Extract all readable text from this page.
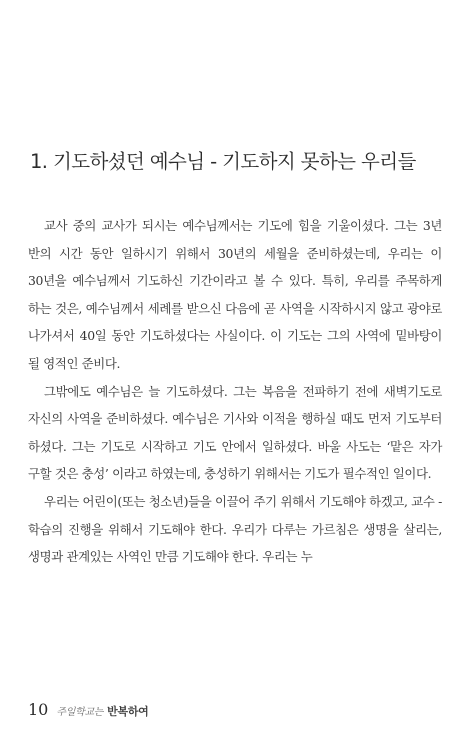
1. 기도하셨던 예수님 - 기도하지 못하는 우리들

교사 중의 교사가 되시는 예수님께서는 기도에 힘을 기울이셨다. 그는 3년 반의 시간 동안 일하시기 위해서 30년의 세월을 준비하셨는데, 우리는 이 30년을 예수님께서 기도하신 기간이라고 볼 수 있다. 특히, 우리를 주목하게 하는 것은, 예수님께서 세례를 받으신 다음에 곧 사역을 시작하시지 않고 광야로 나가셔서 40일 동안 기도하셨다는 사실이다. 이 기도는 그의 사역에 밑바탕이 될 영적인 준비다.

그밖에도 예수님은 늘 기도하셨다. 그는 복음을 전파하기 전에 새벽기도로 자신의 사역을 준비하셨다. 예수님은 기사와 이적을 행하실 때도 먼저 기도부터 하셨다. 그는 기도로 시작하고 기도 안에서 일하셨다. 바울 사도는 ‘맡은 자가 구할 것은 충성’ 이라고 하였는데, 충성하기 위해서는 기도가 필수적인 일이다.

우리는 어린이(또는 청소년)들을 이끌어 주기 위해서 기도해야 하겠고, 교수 - 학습의 진행을 위해서 기도해야 한다. 우리가 다루는 가르침은 생명을 살리는, 생명과 관계있는 사역인 만큼 기도해야 한다. 우리는 누

10 주일학교는 반복하여
